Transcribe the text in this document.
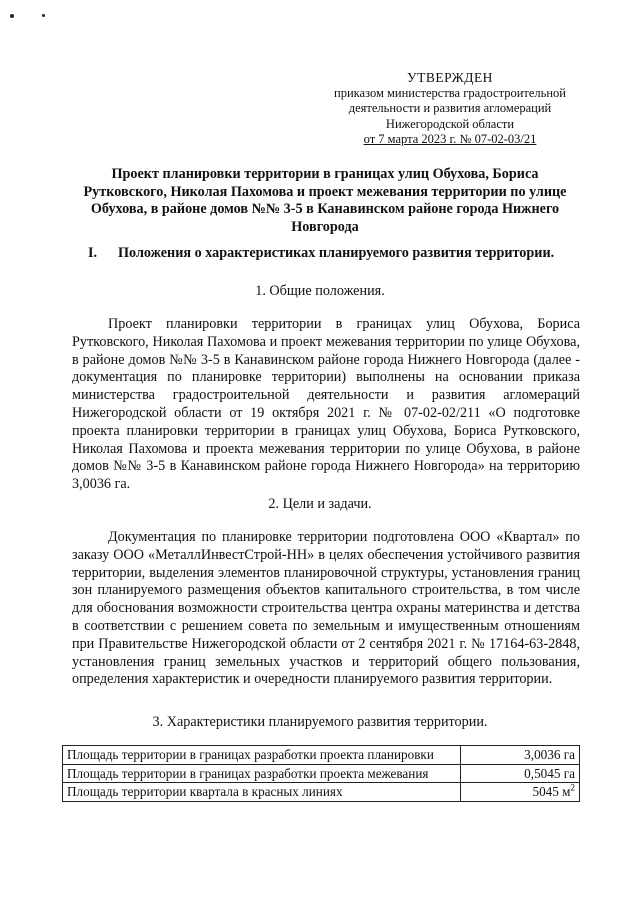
УТВЕРЖДЕН
приказом министерства градостроительной
деятельности и развития агломераций
Нижегородской области
от 7 марта 2023 г. № 07-02-03/21
Проект планировки территории в границах улиц Обухова, Бориса Рутковского, Николая Пахомова и проект межевания территории по улице Обухова, в районе домов №№ 3-5 в Канавинском районе города Нижнего Новгорода
I.	Положения о характеристиках планируемого развития территории.
1. Общие положения.
Проект планировки территории в границах улиц Обухова, Бориса Рутковского, Николая Пахомова и проект межевания территории по улице Обухова, в районе домов №№ 3-5 в Канавинском районе города Нижнего Новгорода (далее - документация по планировке территории) выполнены на основании приказа министерства градостроительной деятельности и развития агломераций Нижегородской области от 19 октября 2021 г. № 07-02-02/211 «О подготовке проекта планировки территории в границах улиц Обухова, Бориса Рутковского, Николая Пахомова и проекта межевания территории по улице Обухова, в районе домов №№ 3-5 в Канавинском районе города Нижнего Новгорода» на территорию 3,0036 га.
2. Цели и задачи.
Документация по планировке территории подготовлена ООО «Квартал» по заказу ООО «МеталлИнвестСтрой-НН» в целях обеспечения устойчивого развития территории, выделения элементов планировочной структуры, установления границ зон планируемого размещения объектов капитального строительства, в том числе для обоснования возможности строительства центра охраны материнства и детства в соответствии с решением совета по земельным и имущественным отношениям при Правительстве Нижегородской области от 2 сентября 2021 г. № 17164-63-2848, установления границ земельных участков и территорий общего пользования, определения характеристик и очередности планируемого развития территории.
3. Характеристики планируемого развития территории.
Площадь территории в границах разработки проекта планировки	3,0036 га
Площадь территории в границах разработки проекта межевания	0,5045 га
Площадь территории квартала в красных линиях	5045 $м^2$
